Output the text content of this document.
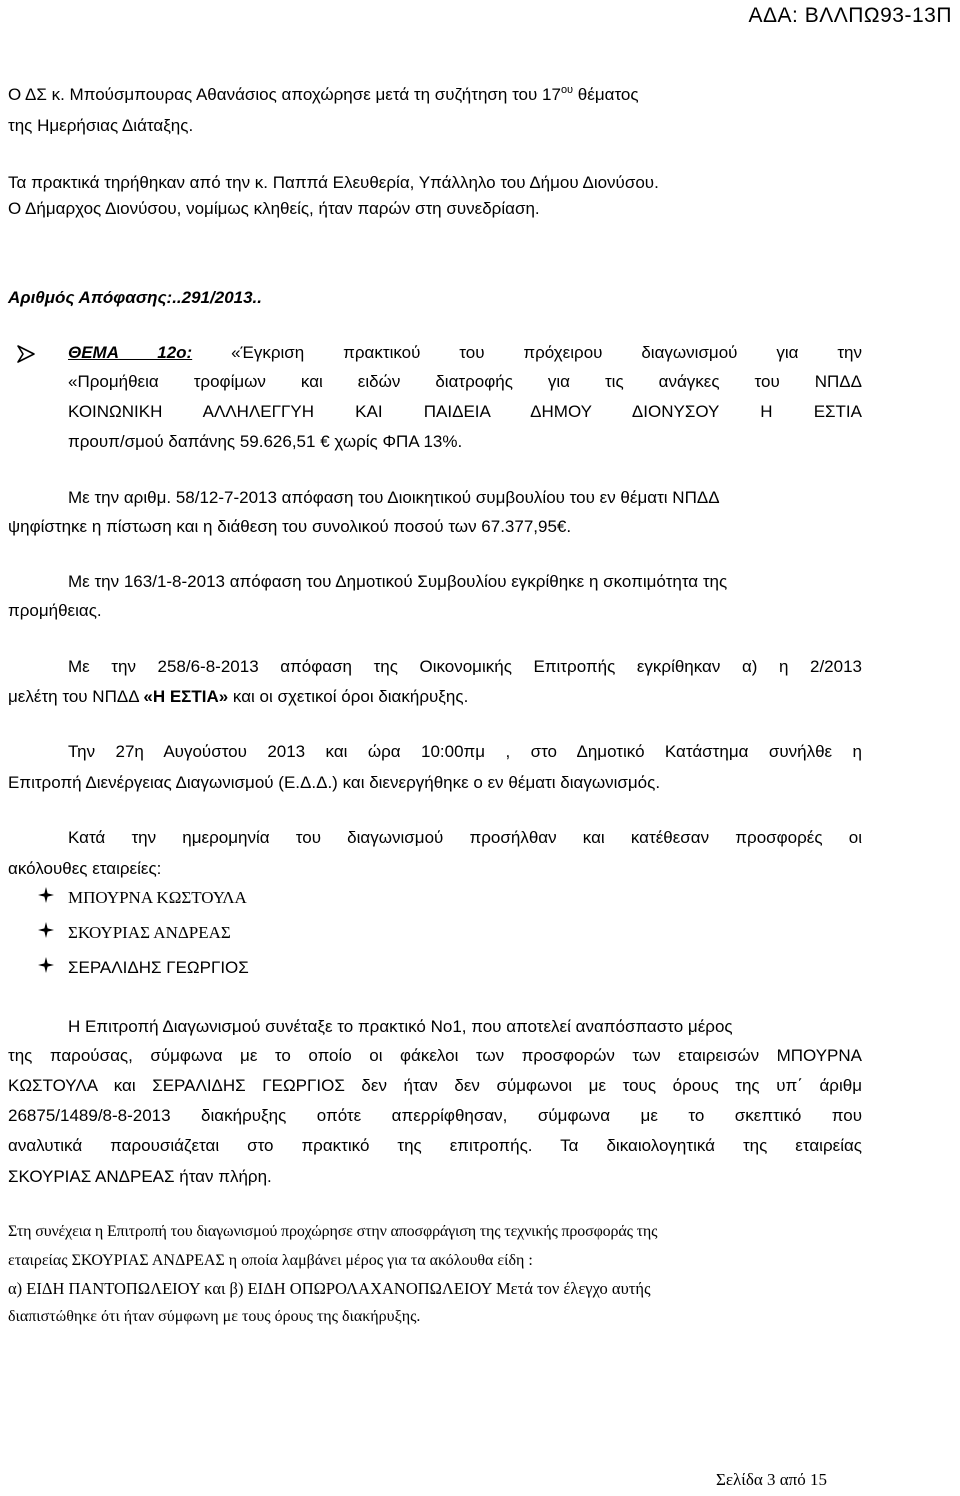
ΑΔΑ: ΒΛΛΠΩ93-13Π
Ο ΔΣ κ. Μπούσμπουρας Αθανάσιος αποχώρησε μετά τη συζήτηση του $17^{o\upsilon}$ θέματος
της Ημερήσιας Διάταξης.
Τα πρακτικά τηρήθηκαν από την κ. Παππά Ελευθερία, Υπάλληλο του Δήμου Διονύσου.
Ο Δήμαρχος Διονύσου, νομίμως κληθείς, ήταν παρών στη συνεδρίαση.
Αριθμός Απόφασης:..291/2013..
ΘΕΜΑ 12ο: «Έγκριση πρακτικού του πρόχειρου διαγωνισμού για την
«Προμήθεια τροφίμων και ειδών διατροφής για τις ανάγκες του ΝΠΔΔ
ΚΟΙΝΩΝΙΚΗ ΑΛΛΗΛΕΓΓΥΗ ΚΑΙ ΠΑΙΔΕΙΑ ΔΗΜΟΥ ΔΙΟΝΥΣΟΥ Η ΕΣΤΙΑ
προυπ/σμού δαπάνης 59.626,51 € χωρίς ΦΠΑ 13%.
Με την αριθμ. 58/12-7-2013 απόφαση του Διοικητικού συμβουλίου του εν θέματι ΝΠΔΔ
ψηφίστηκε η πίστωση και η διάθεση του συνολικού ποσού των 67.377,95€.
Με την 163/1-8-2013 απόφαση του Δημοτικού Συμβουλίου εγκρίθηκε η σκοπιμότητα της
προμήθειας.
Με την 258/6-8-2013 απόφαση της Οικονομικής Επιτροπής εγκρίθηκαν α) η 2/2013
μελέτη του ΝΠΔΔ «Η ΕΣΤΙΑ» και οι σχετικοί όροι διακήρυξης.
Την 27η Αυγούστου 2013 και ώρα 10:00πμ , στο Δημοτικό Κατάστημα συνήλθε η
Επιτροπή Διενέργειας Διαγωνισμού (Ε.Δ.Δ.) και διενεργήθηκε ο εν θέματι διαγωνισμός.
Κατά την ημερομηνία του διαγωνισμού προσήλθαν και κατέθεσαν προσφορές οι
ακόλουθες εταιρείες:
ΜΠΟΥΡΝΑ ΚΩΣΤΟΥΛΑ
ΣΚΟΥΡΙΑΣ ΑΝΔΡΕΑΣ
ΣΕΡΑΛΙΔΗΣ ΓΕΩΡΓΙΟΣ
Η Επιτροπή Διαγωνισμού συνέταξε το πρακτικό Νο1, που αποτελεί αναπόσπαστο μέρος
της παρούσας, σύμφωνα με το οποίο οι φάκελοι των προσφορών των εταιρεισών ΜΠΟΥΡΝΑ
ΚΩΣΤΟΥΛΑ και ΣΕΡΑΛΙΔΗΣ ΓΕΩΡΓΙΟΣ δεν ήταν δεν σύμφωνοι με τους όρους της υπ΄ άριθμ
26875/1489/8-8-2013 διακήρυξης οπότε απερρίφθησαν, σύμφωνα με το σκεπτικό που
αναλυτικά παρουσιάζεται στο πρακτικό της επιτροπής. Τα δικαιολογητικά της εταιρείας
ΣΚΟΥΡΙΑΣ ΑΝΔΡΕΑΣ ήταν πλήρη.
Στη συνέχεια η Επιτροπή του διαγωνισμού προχώρησε στην αποσφράγιση της τεχνικής προσφοράς της
εταιρείας ΣΚΟΥΡΙΑΣ ΑΝΔΡΕΑΣ η οποία λαμβάνει μέρος για τα ακόλουθα είδη :
α) ΕΙΔΗ ΠΑΝΤΟΠΩΛΕΙΟΥ και β) ΕΙΔΗ ΟΠΩΡΟΛΑΧΑΝΟΠΩΛΕΙΟΥ Μετά τον έλεγχο αυτής
διαπιστώθηκε ότι ήταν σύμφωνη με τους όρους της διακήρυξης.
Σελίδα 3 από 15
